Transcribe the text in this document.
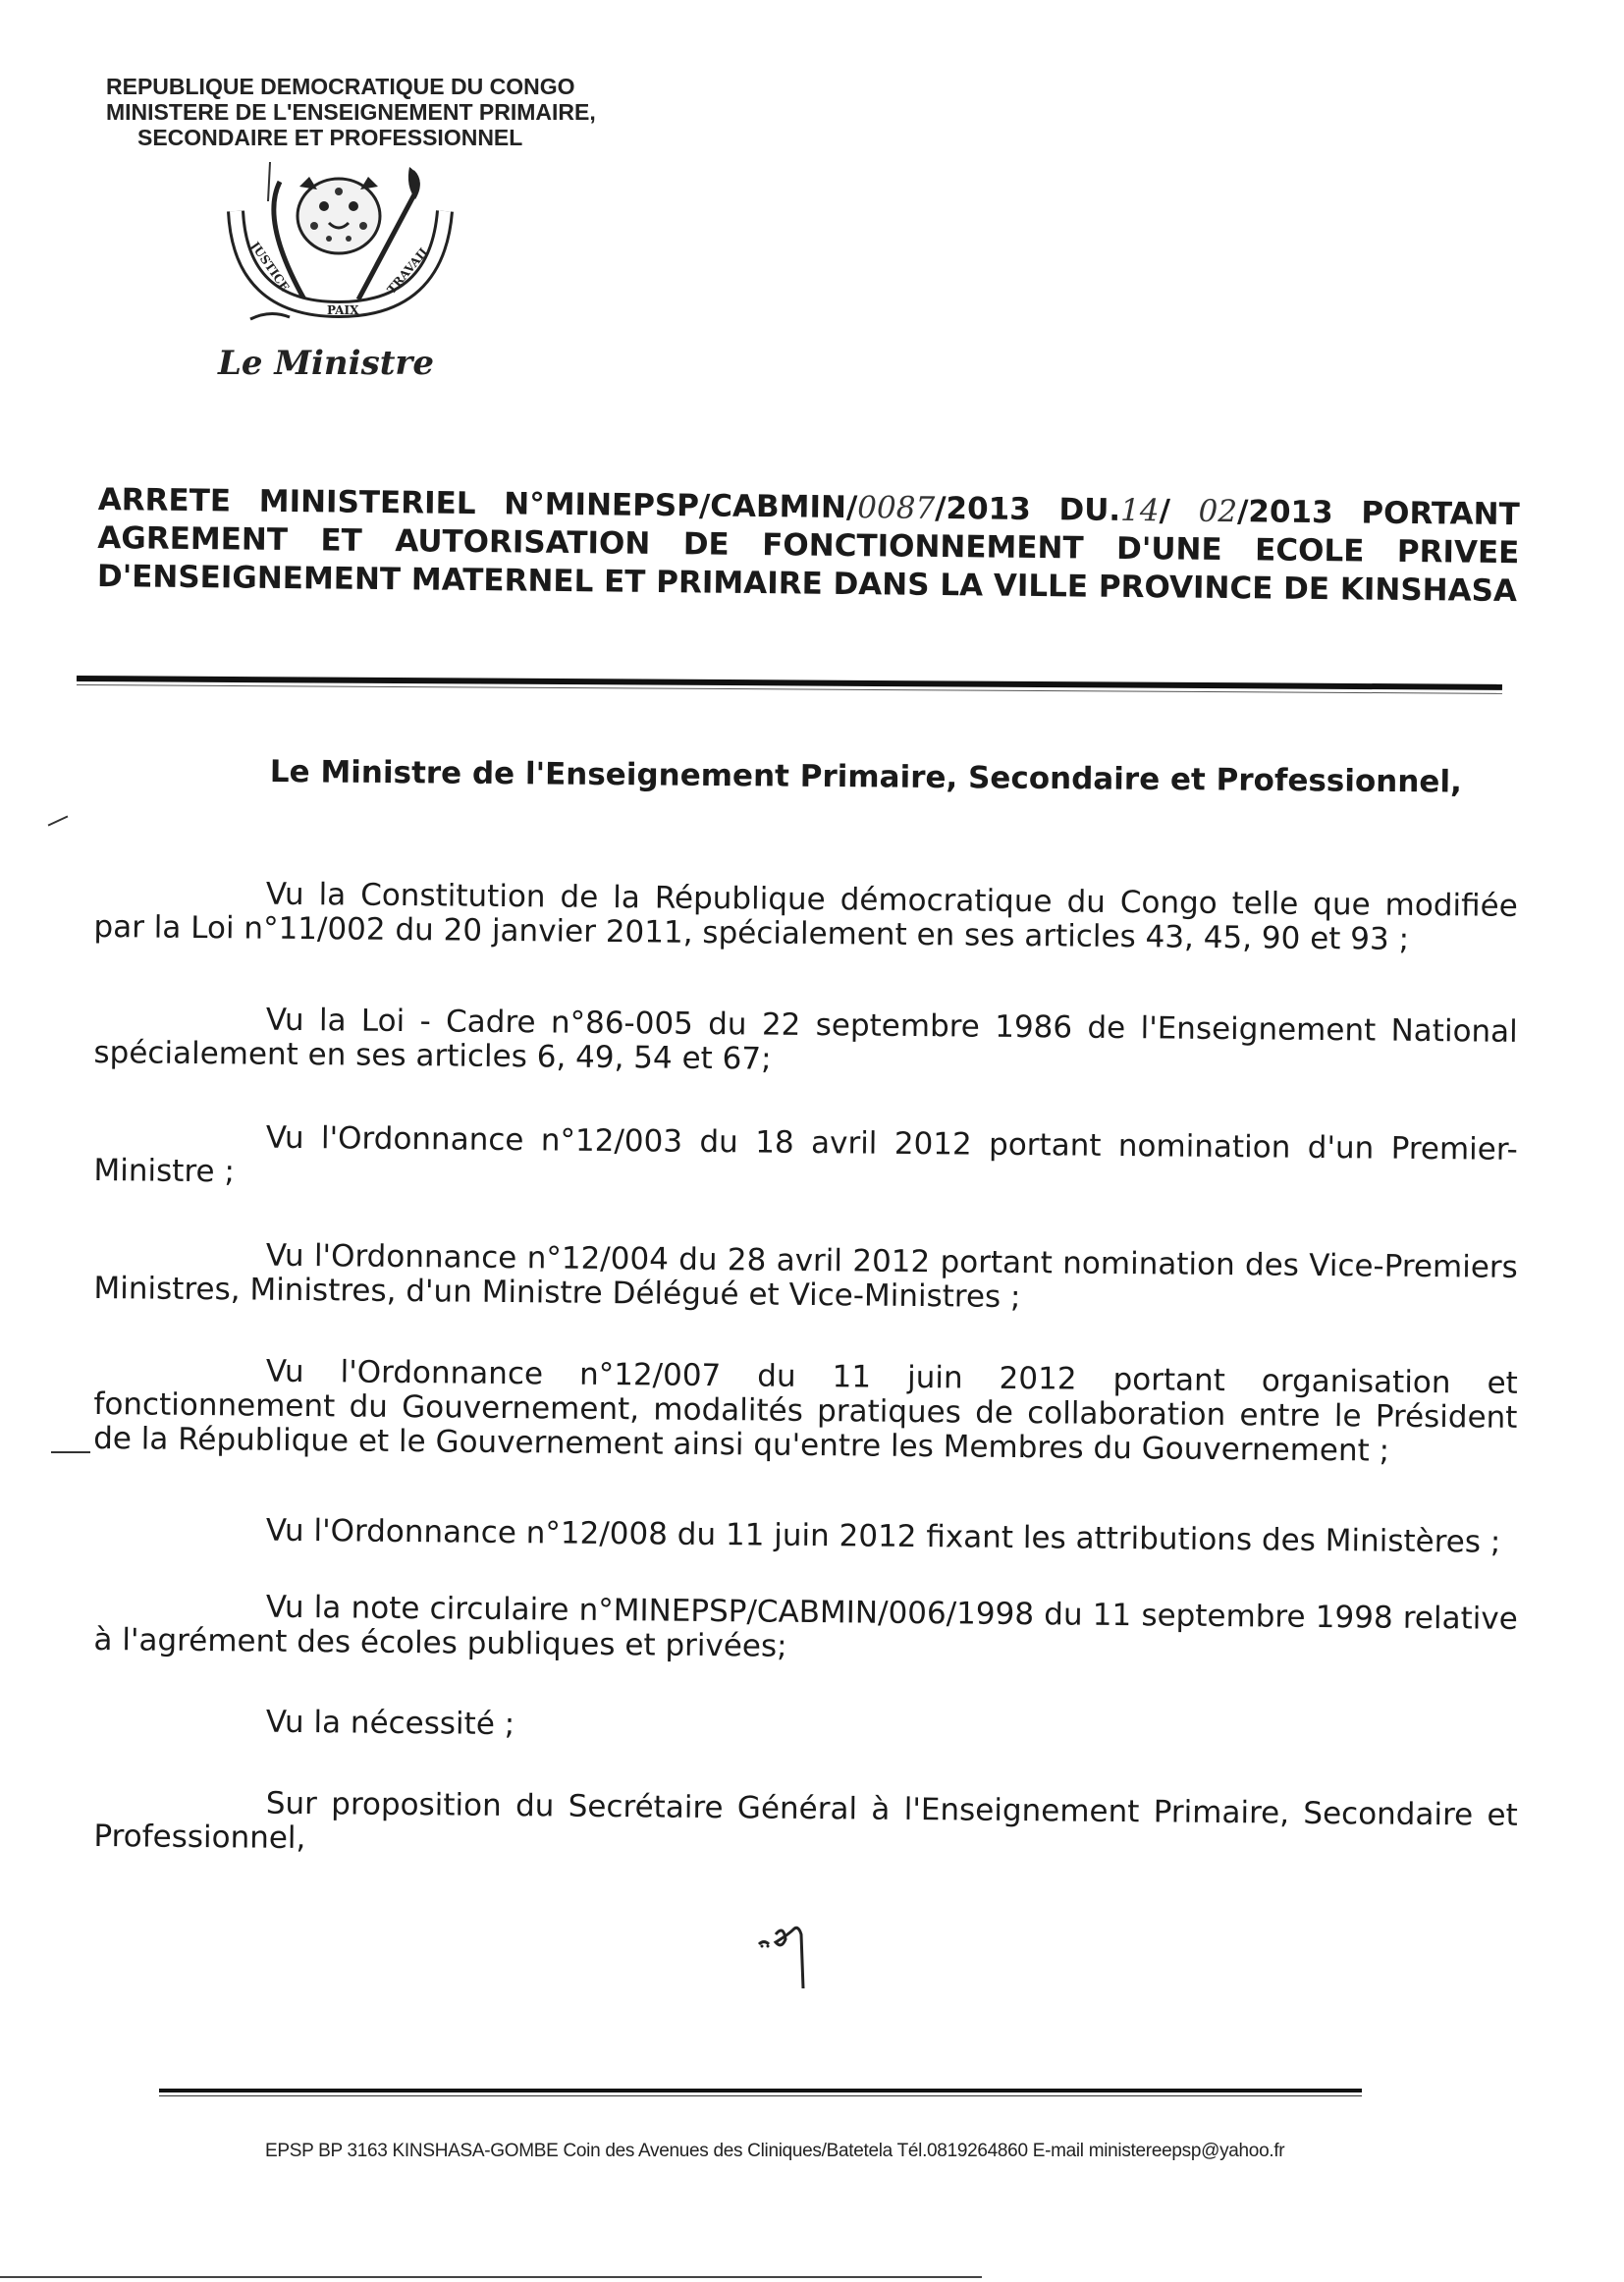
REPUBLIQUE DEMOCRATIQUE DU CONGO
MINISTERE DE L'ENSEIGNEMENT PRIMAIRE,
SECONDAIRE ET PROFESSIONNEL
JUSTICE
PAIX
TRAVAIL
Le Ministre
ARRETE MINISTERIEL N°MINEPSP/CABMIN/0087/2013 DU.14/ 02/2013 PORTANT AGREMENT ET AUTORISATION DE FONCTIONNEMENT D'UNE ECOLE PRIVEE D'ENSEIGNEMENT MATERNEL ET PRIMAIRE DANS LA VILLE PROVINCE DE KINSHASA
Le Ministre de l'Enseignement Primaire, Secondaire et Professionnel,
Vu la Constitution de la République démocratique du Congo telle que modifiée par la Loi n°11/002 du 20 janvier 2011, spécialement en ses articles 43, 45, 90 et 93 ;
Vu la Loi - Cadre n°86-005 du 22 septembre 1986 de l'Enseignement National spécialement en ses articles 6, 49, 54 et 67;
Vu l'Ordonnance n°12/003 du 18 avril 2012 portant nomination d'un Premier-Ministre ;
Vu l'Ordonnance n°12/004 du 28 avril 2012 portant nomination des Vice-Premiers Ministres, Ministres, d'un Ministre Délégué et Vice-Ministres ;
Vu l'Ordonnance n°12/007 du 11 juin 2012 portant organisation et fonctionnement du Gouvernement, modalités pratiques de collaboration entre le Président de la République et le Gouvernement ainsi qu'entre les Membres du Gouvernement ;
Vu l'Ordonnance n°12/008 du 11 juin 2012 fixant les attributions des Ministères ;
Vu la note circulaire n°MINEPSP/CABMIN/006/1998 du 11 septembre 1998 relative à l'agrément des écoles publiques et privées;
Vu la nécessité ;
Sur proposition du Secrétaire Général à l'Enseignement Primaire, Secondaire et Professionnel,
EPSP BP 3163 KINSHASA-GOMBE Coin des Avenues des Cliniques/Batetela Tél.0819264860 E-mail ministereepsp@yahoo.fr
